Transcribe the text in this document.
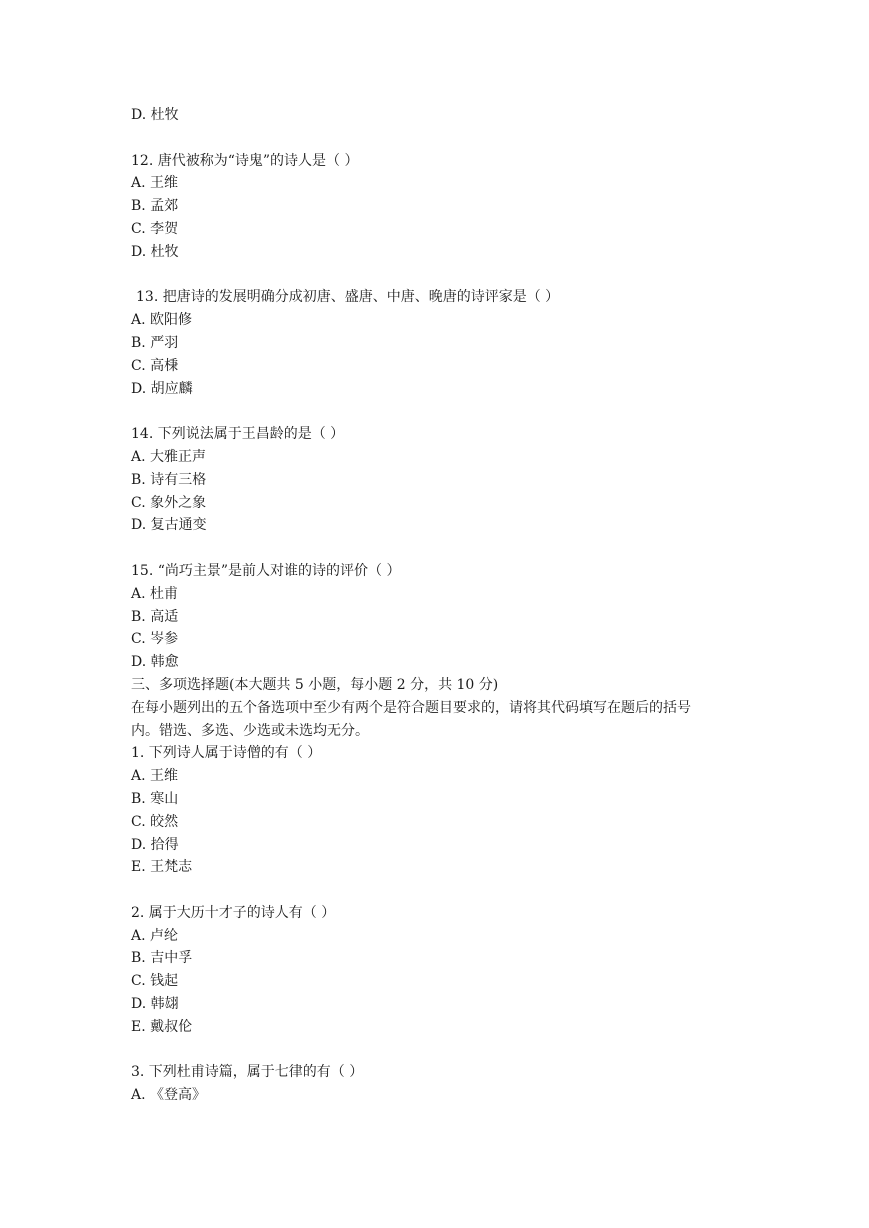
D. 杜牧
12. 唐代被称为“诗鬼”的诗人是（ ）
A. 王维
B. 孟郊
C. 李贺
D. 杜牧
13. 把唐诗的发展明确分成初唐、盛唐、中唐、晚唐的诗评家是（ ）
A. 欧阳修
B. 严羽
C. 高棅
D. 胡应麟
14. 下列说法属于王昌龄的是（ ）
A. 大雅正声
B. 诗有三格
C. 象外之象
D. 复古通变
15. “尚巧主景”是前人对谁的诗的评价（ ）
A. 杜甫
B. 高适
C. 岑参
D. 韩愈
三、多项选择题(本大题共 5 小题，每小题 2 分，共 10 分)
在每小题列出的五个备选项中至少有两个是符合题目要求的，请将其代码填写在题后的括号
内。错选、多选、少选或未选均无分。
1. 下列诗人属于诗僧的有（ ）
A. 王维
B. 寒山
C. 皎然
D. 拾得
E. 王梵志
2. 属于大历十才子的诗人有（ ）
A. 卢纶
B. 吉中孚
C. 钱起
D. 韩翃
E. 戴叔伦
3. 下列杜甫诗篇，属于七律的有（ ）
A. 《登高》
